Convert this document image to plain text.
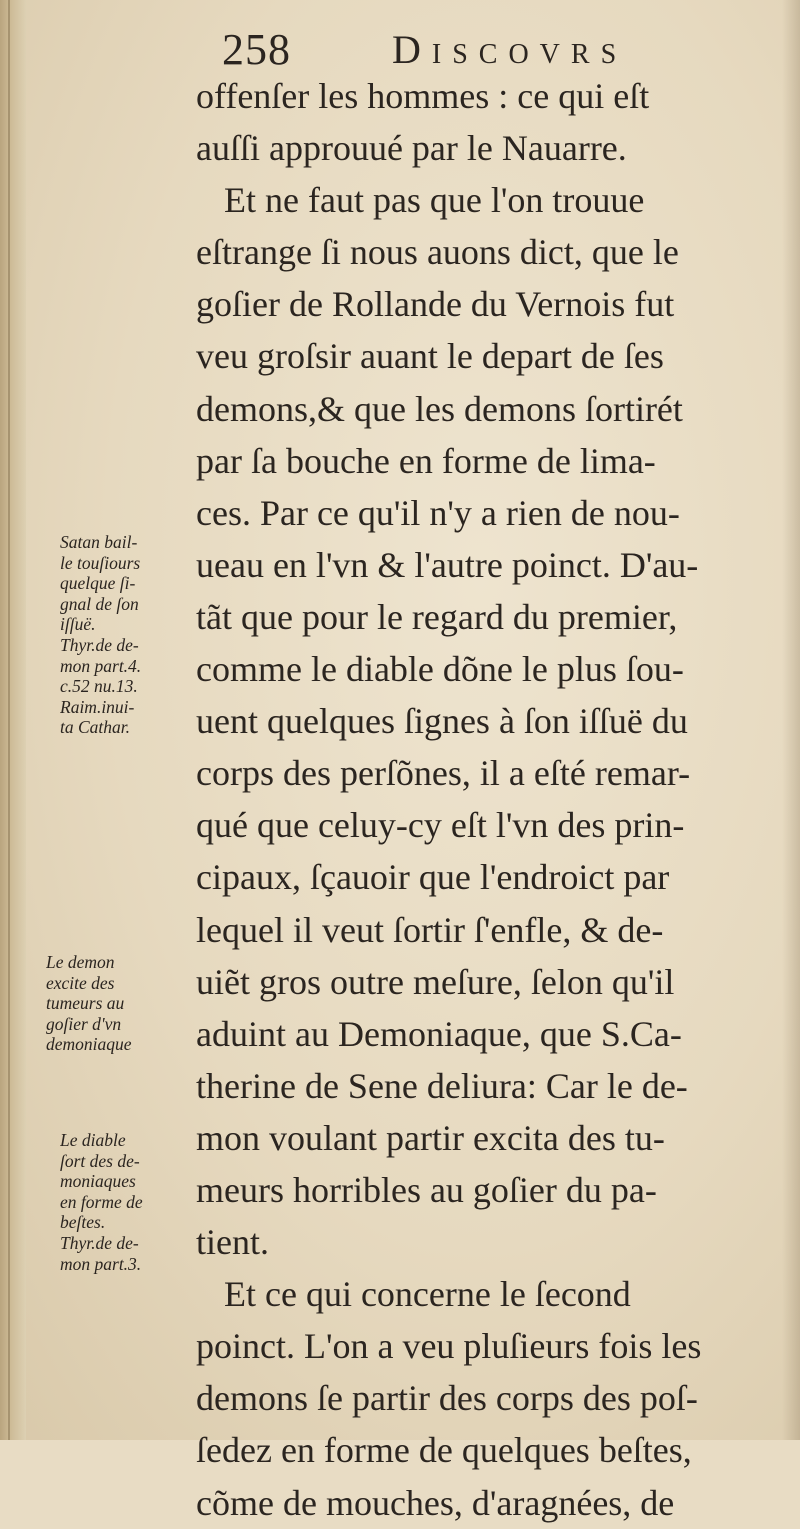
258	Discovrs
offenſer les hommes : ce qui eſt
auſſi approuué par le Nauarre.
Et ne faut pas que l'on trouue
eſtrange ſi nous auons dict, que le
goſier de Rollande du Vernois fut
veu groſsir auant le depart de ſes
demons,& que les demons ſortirét
par ſa bouche en forme de lima-
ces. Par ce qu'il n'y a rien de nou-
ueau en l'vn & l'autre poinct. D'au-
tãt que pour le regard du premier,
comme le diable dõne le plus ſou-
uent quelques ſignes à ſon iſſuë du
corps des perſõnes, il a eſté remar-
qué que celuy-cy eſt l'vn des prin-
cipaux, ſçauoir que l'endroict par
lequel il veut ſortir ſ'enfle, & de-
uiẽt gros outre meſure, ſelon qu'il
aduint au Demoniaque, que S.Ca-
therine de Sene deliura: Car le de-
mon voulant partir excita des tu-
meurs horribles au goſier du pa-
tient.
Et ce qui concerne le ſecond
poinct. L'on a veu pluſieurs fois les
demons ſe partir des corps des poſ-
ſedez en forme de quelques beſtes,
cõme de mouches, d'aragnées, de
Satan bail-
le touſiours
quelque ſi-
gnal de ſon
iſſuë.
Thyr.de de-
mon part.4.
c.52 nu.13.
Raim.inui-
ta Cathar.
Le demon
excite des
tumeurs au
goſier d'vn
demoniaque
Le diable
ſort des de-
moniaques
en forme de
beſtes.
Thyr.de de-
mon part.3.
